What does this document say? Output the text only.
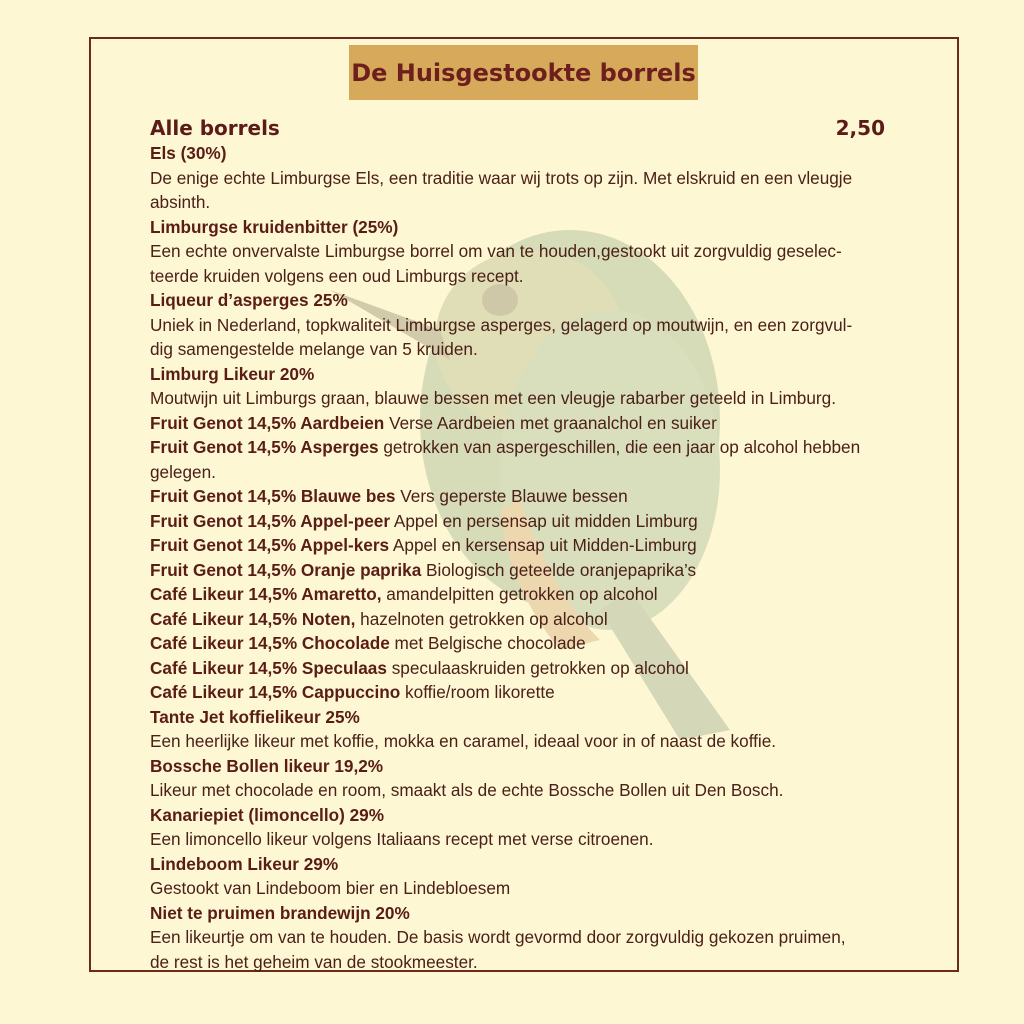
De Huisgestookte borrels
Alle borrels	2,50
Els (30%)
De enige echte Limburgse Els, een traditie waar wij trots op zijn. Met elskruid en een vleugje
absinth.
Limburgse kruidenbitter (25%)
Een echte onvervalste Limburgse borrel om van te houden,gestookt uit zorgvuldig geselec-
teerde kruiden volgens een oud Limburgs recept.
Liqueur d’asperges 25%
Uniek in Nederland, topkwaliteit Limburgse asperges, gelagerd op moutwijn, en een zorgvul-
dig samengestelde melange van 5 kruiden.
Limburg Likeur 20%
Moutwijn uit Limburgs graan, blauwe bessen met een vleugje rabarber geteeld in Limburg.
Fruit Genot 14,5% Aardbeien Verse Aardbeien met graanalchol en suiker
Fruit Genot 14,5% Asperges getrokken van aspergeschillen, die een jaar op alcohol hebben
gelegen.
Fruit Genot 14,5% Blauwe bes Vers geperste Blauwe bessen
Fruit Genot 14,5% Appel-peer Appel en persensap uit midden Limburg
Fruit Genot 14,5% Appel-kers Appel en kersensap uit Midden-Limburg
Fruit Genot 14,5% Oranje paprika Biologisch geteelde oranjepaprika’s
Café Likeur 14,5% Amaretto, amandelpitten getrokken op alcohol
Café Likeur 14,5% Noten, hazelnoten getrokken op alcohol
Café Likeur 14,5% Chocolade met Belgische chocolade
Café Likeur 14,5% Speculaas speculaaskruiden getrokken op alcohol
Café Likeur 14,5% Cappuccino koffie/room likorette
Tante Jet koffielikeur 25%
Een heerlijke likeur met koffie, mokka en caramel, ideaal voor in of naast de koffie.
Bossche Bollen likeur 19,2%
Likeur met chocolade en room, smaakt als de echte Bossche Bollen uit Den Bosch.
Kanariepiet (limoncello) 29%
Een limoncello likeur volgens Italiaans recept met verse citroenen.
Lindeboom Likeur 29%
Gestookt van Lindeboom bier en Lindebloesem
Niet te pruimen brandewijn 20%
Een likeurtje om van te houden. De basis wordt gevormd door zorgvuldig gekozen pruimen,
de rest is het geheim van de stookmeester.
